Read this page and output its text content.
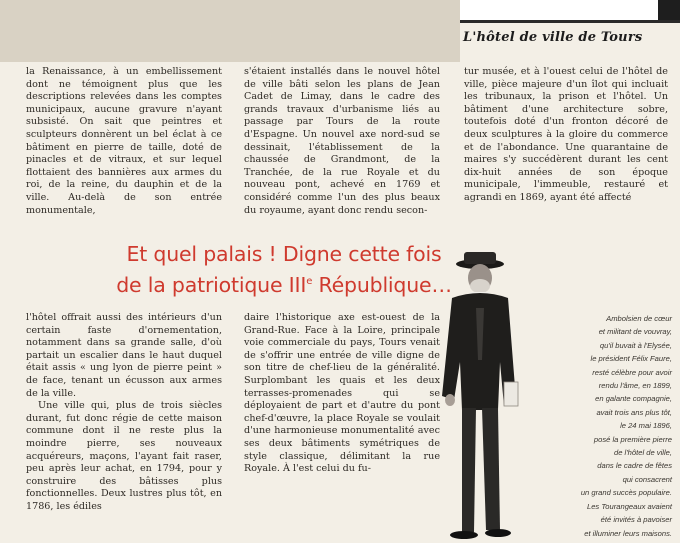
L'hôtel de ville de Tours

la Renaissance, à un embellissement dont ne témoignent plus que les descriptions relevées dans les comptes municipaux, aucune gravure n'ayant subsisté. On sait que peintres et sculpteurs donnèrent un bel éclat à ce bâtiment en pierre de taille, doté de pinacles et de vitraux, et sur lequel flottaient des bannières aux armes du roi, de la reine, du dauphin et de la ville. Au-delà de son entrée monumentale,

s'étaient installés dans le nouvel hôtel de ville bâti selon les plans de Jean Cadet de Limay, dans le cadre des grands travaux d'urbanisme liés au passage par Tours de la route d'Espagne. Un nouvel axe nord-sud se dessinait, l'établissement de la chaussée de Grandmont, de la Tranchée, de la rue Royale et du nouveau pont, achevé en 1769 et considéré comme l'un des plus beaux du royaume, ayant donc rendu secon-

tur musée, et à l'ouest celui de l'hôtel de ville, pièce majeure d'un îlot qui incluait les tribunaux, la prison et l'hôtel. Un bâtiment d'une architecture sobre, toutefois doté d'un fronton décoré de deux sculptures à la gloire du commerce et de l'abondance. Une quarantaine de maires s'y succédèrent durant les cent dix-huit années de son époque municipale, l'immeuble, restauré et agrandi en 1869, ayant été affecté

Et quel palais ! Digne cette fois
de la patriotique IIIe République…

l'hôtel offrait aussi des intérieurs d'un certain faste d'ornementation, notamment dans sa grande salle, d'où partait un escalier dans le haut duquel était assis « ung lyon de pierre peint » de face, tenant un écusson aux armes de la ville.

Une ville qui, plus de trois siècles durant, fut donc régie de cette maison commune dont il ne reste plus la moindre pierre, ses nouveaux acquéreurs, maçons, l'ayant fait raser, peu après leur achat, en 1794, pour y construire des bâtisses plus fonctionnelles. Deux lustres plus tôt, en 1786, les édiles

daire l'historique axe est-ouest de la Grand-Rue. Face à la Loire, principale voie commerciale du pays, Tours venait de s'offrir une entrée de ville digne de son titre de chef-lieu de la généralité. Surplombant les quais et les deux terrasses-promenades qui se déployaient de part et d'autre du pont chef-d'œuvre, la place Royale se voulait d'une harmonieuse monumentalité avec ses deux bâtiments symétriques de style classique, délimitant la rue Royale. À l'est celui du fu-

Ambolsien de cœur
et militant de vouvray,
qu'il buvait à l'Elysée,
le président Félix Faure,
resté célèbre pour avoir
rendu l'âme, en 1899,
en galante compagnie,
avait trois ans plus tôt,
le 24 mai 1896,
posé la première pierre
de l'hôtel de ville,
dans le cadre de fêtes
qui consacrent
un grand succès populaire.
Les Tourangeaux avaient
été invités à pavoiser
et illuminer leurs maisons.
